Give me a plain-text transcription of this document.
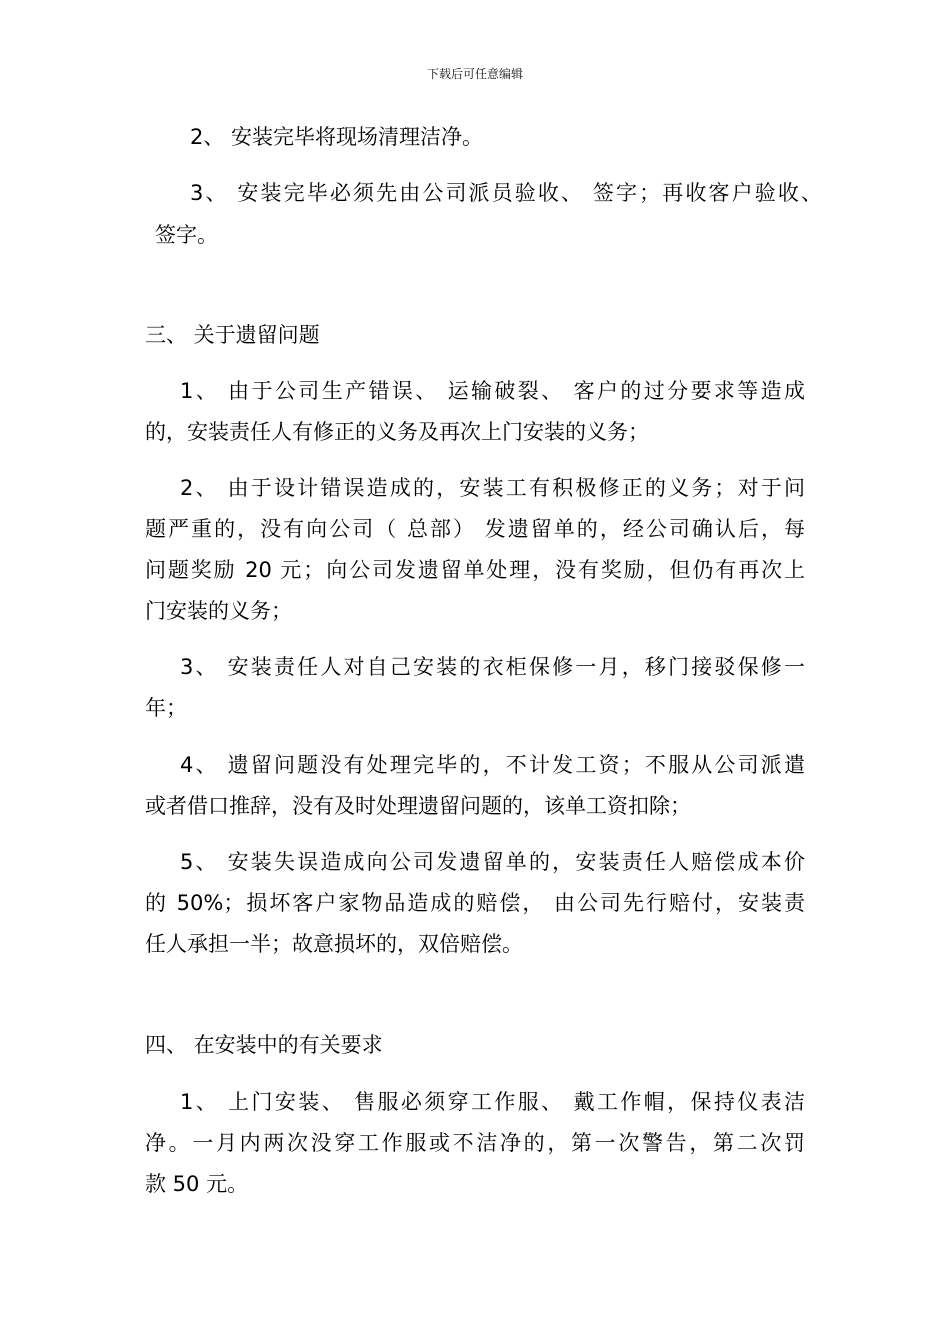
下载后可任意编辑
2、 安装完毕将现场清理洁净。
3、 安装完毕必须先由公司派员验收、 签字；再收客户验收、
签字。
三、 关于遗留问题
1、 由于公司生产错误、 运输破裂、 客户的过分要求等造成
的，安装责任人有修正的义务及再次上门安装的义务；
2、 由于设计错误造成的，安装工有积极修正的义务；对于问
题严重的，没有向公司（ 总部） 发遗留单的，经公司确认后，每
问题奖励 20 元；向公司发遗留单处理，没有奖励，但仍有再次上
门安装的义务；
3、 安装责任人对自己安装的衣柜保修一月，移门接驳保修一
年；
4、 遗留问题没有处理完毕的，不计发工资；不服从公司派遣
或者借口推辞，没有及时处理遗留问题的，该单工资扣除；
5、 安装失误造成向公司发遗留单的，安装责任人赔偿成本价
的 50%；损坏客户家物品造成的赔偿， 由公司先行赔付，安装责
任人承担一半；故意损坏的，双倍赔偿。
四、 在安装中的有关要求
1、 上门安装、 售服必须穿工作服、 戴工作帽，保持仪表洁
净。一月内两次没穿工作服或不洁净的，第一次警告，第二次罚
款 50 元。
